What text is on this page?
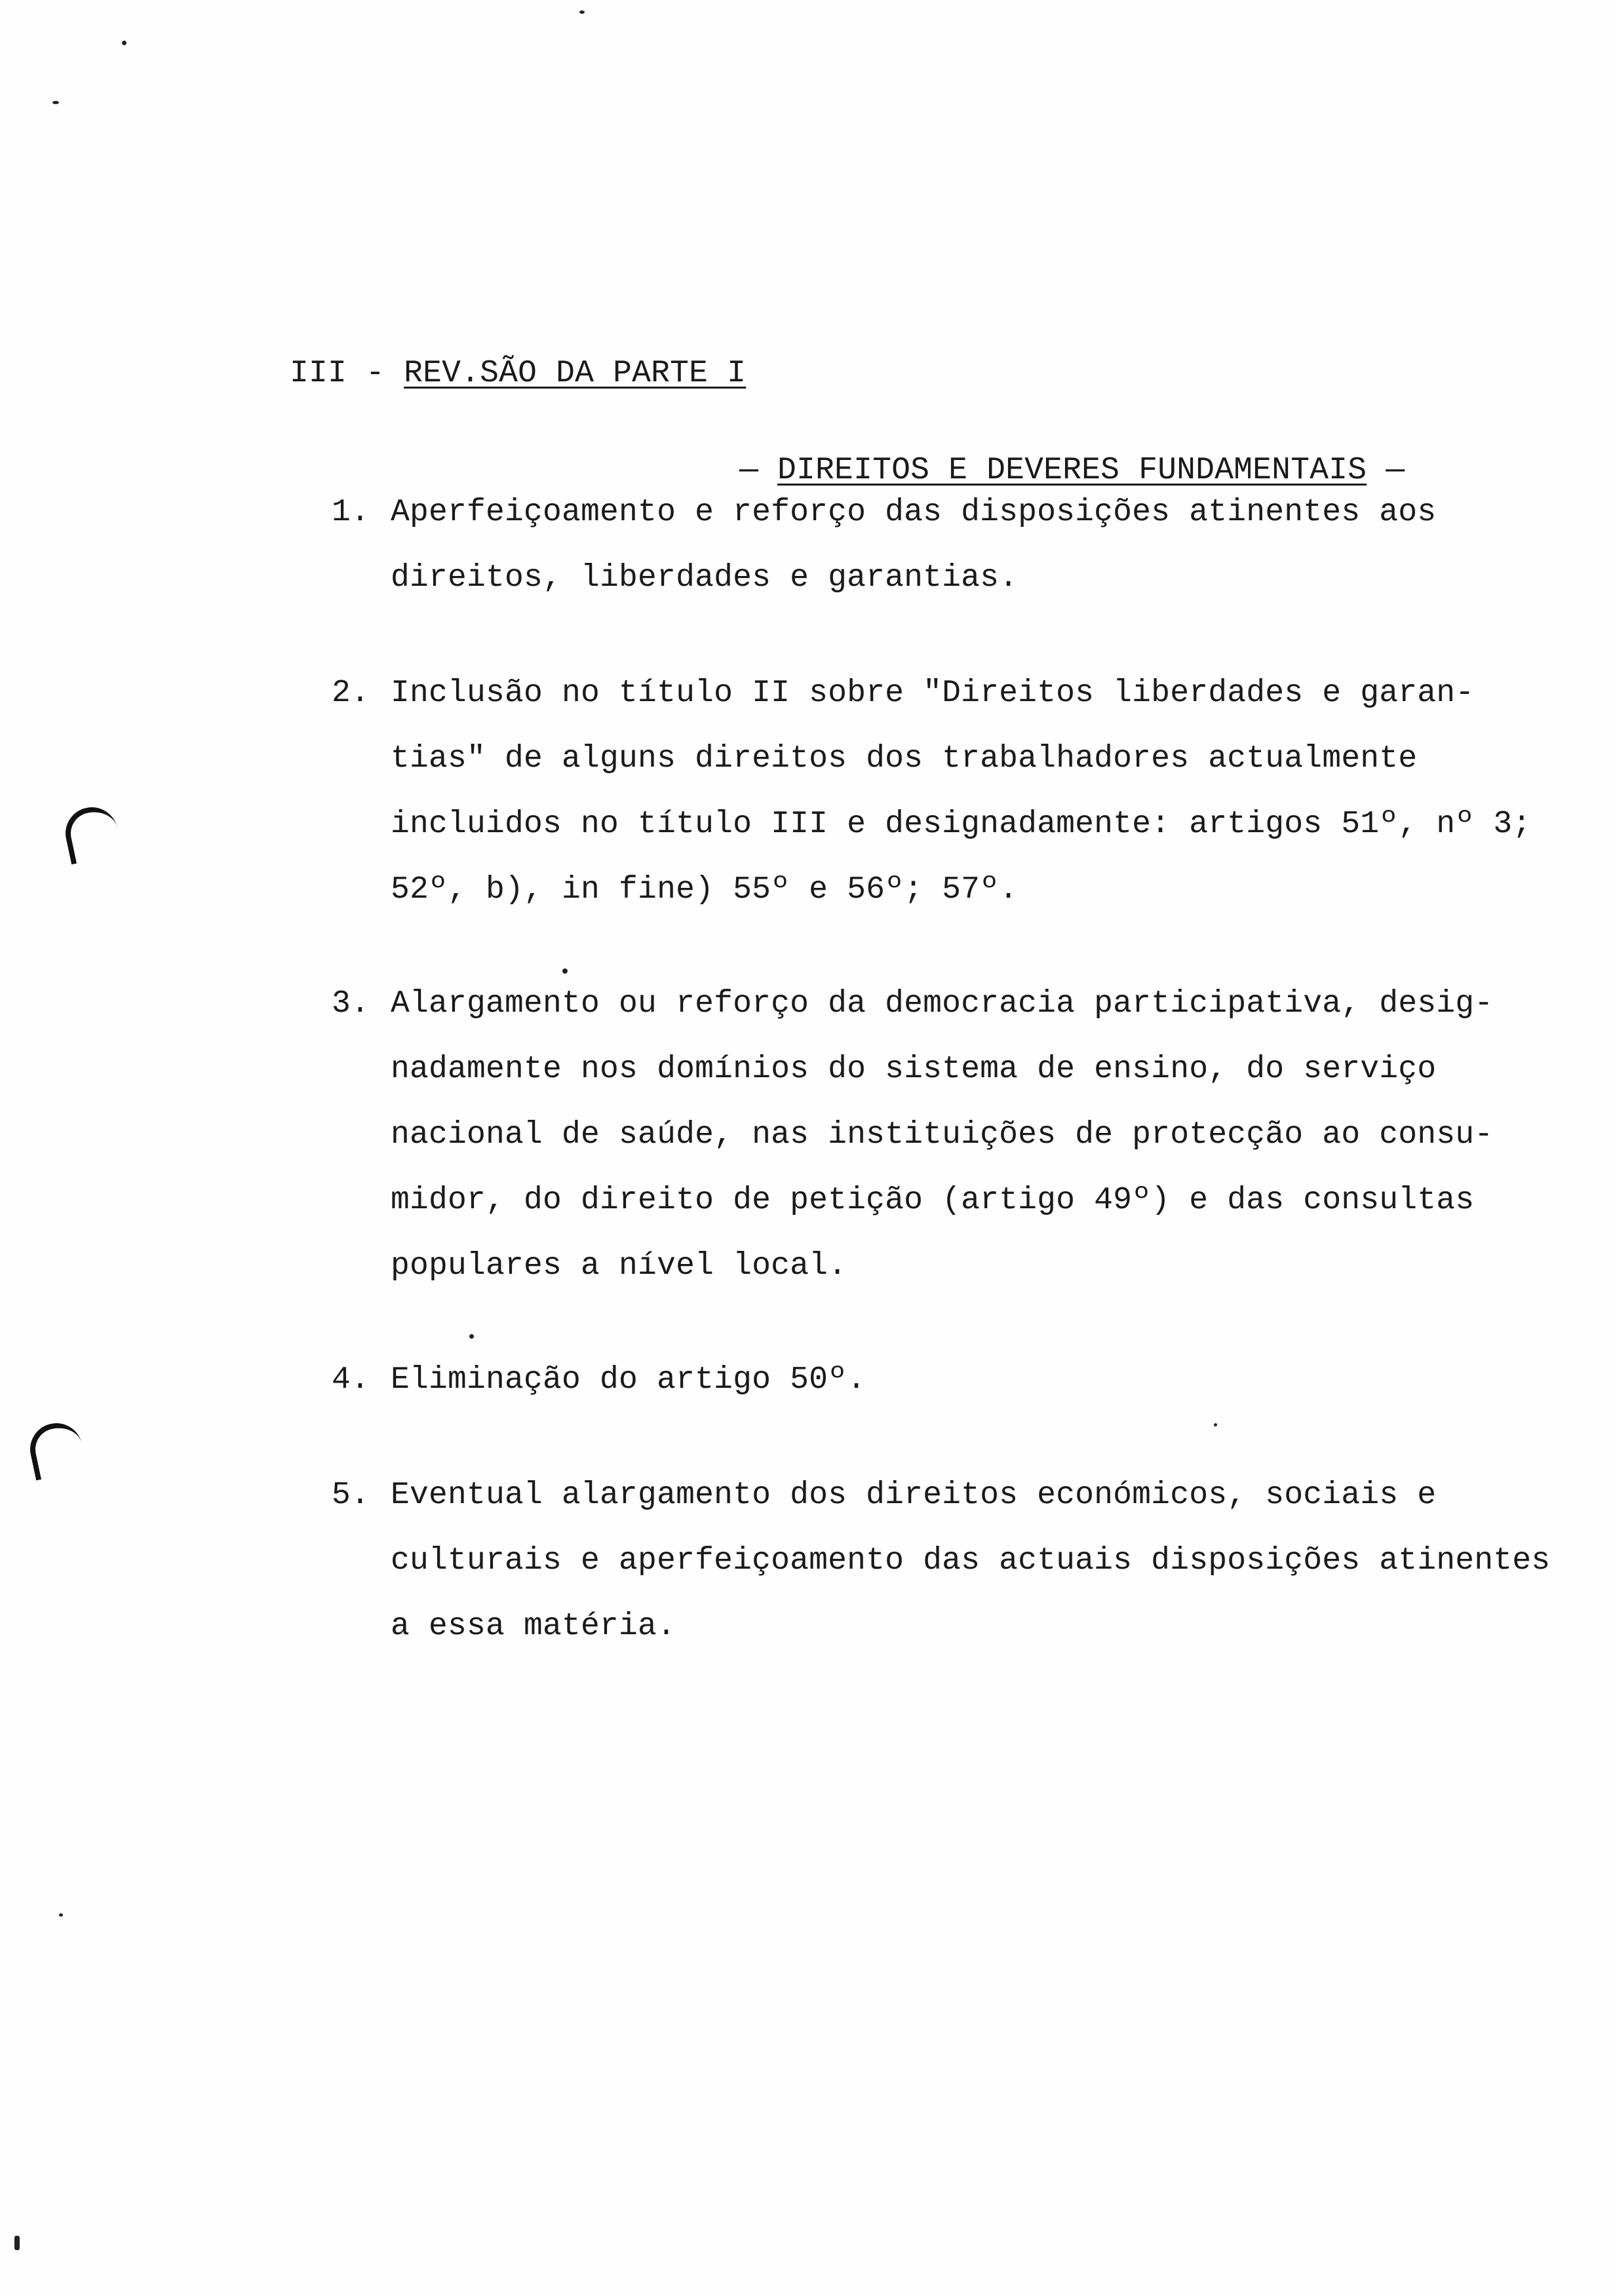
III - REV.SÃO DA PARTE I

— DIREITOS E DEVERES FUNDAMENTAIS —

1. Aperfeiçoamento e reforço das disposições atinentes aos
direitos, liberdades e garantias.
2. Inclusão no título II sobre "Direitos liberdades e garan-
tias" de alguns direitos dos trabalhadores actualmente
incluidos no título III e designadamente: artigos 51º, nº 3;
52º, b), in fine) 55º e 56º; 57º.
3. Alargamento ou reforço da democracia participativa, desig-
nadamente nos domínios do sistema de ensino, do serviço
nacional de saúde, nas instituições de protecção ao consu-
midor, do direito de petição (artigo 49º) e das consultas
populares a nível local.
4. Eliminação do artigo 50º.
5. Eventual alargamento dos direitos económicos, sociais e
culturais e aperfeiçoamento das actuais disposições atinentes
a essa matéria.
